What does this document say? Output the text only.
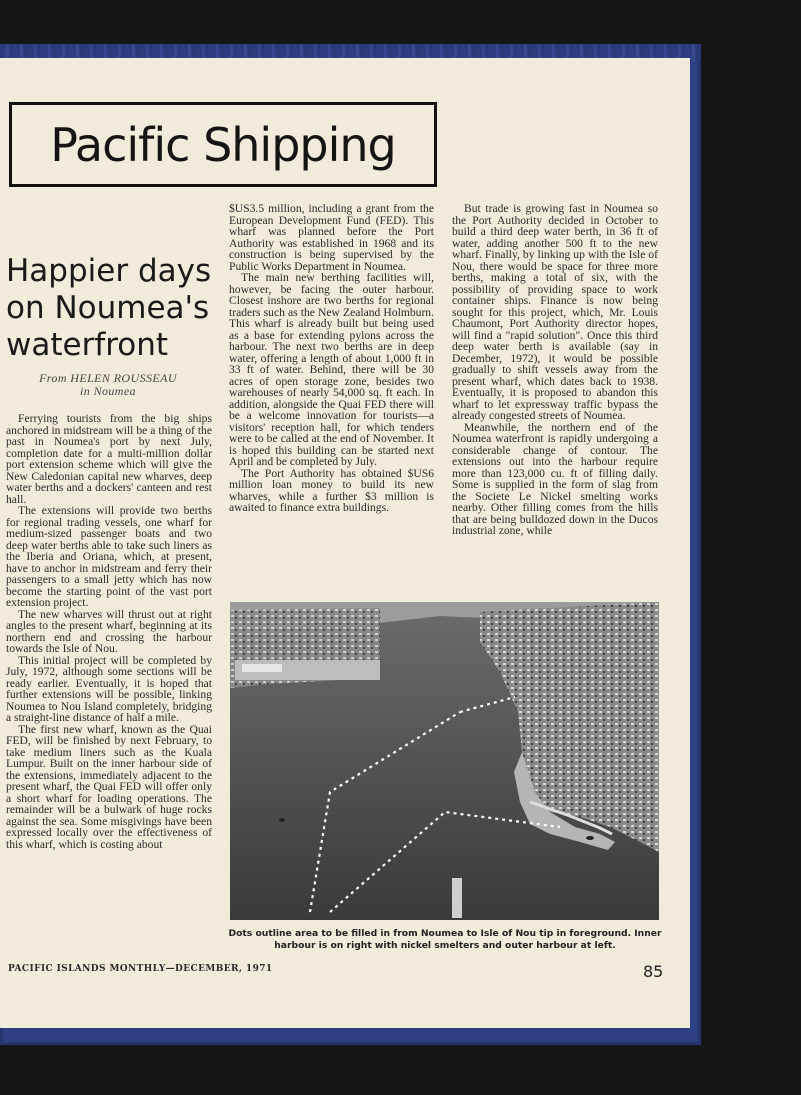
Pacific Shipping
Happier days on Noumea's waterfront
From HELEN ROUSSEAU
in Noumea

Ferrying tourists from the big ships anchored in midstream will be a thing of the past in Noumea's port by next July, completion date for a multi-million dollar port extension scheme which will give the New Caledonian capital new wharves, deep water berths and a dockers' canteen and rest hall.

The extensions will provide two berths for regional trading vessels, one wharf for medium-sized passenger boats and two deep water berths able to take such liners as the Iberia and Oriana, which, at present, have to anchor in midstream and ferry their passengers to a small jetty which has now become the starting point of the vast port extension project.

The new wharves will thrust out at right angles to the present wharf, beginning at its northern end and crossing the harbour towards the Isle of Nou.

This initial project will be completed by July, 1972, although some sections will be ready earlier. Eventually, it is hoped that further extensions will be possible, linking Noumea to Nou Island completely, bridging a straight-line distance of half a mile.

The first new wharf, known as the Quai FED, will be finished by next February, to take medium liners such as the Kuala Lumpur. Built on the inner harbour side of the extensions, immediately adjacent to the present wharf, the Quai FED will offer only a short wharf for loading operations. The remainder will be a bulwark of huge rocks against the sea. Some misgivings have been expressed locally over the effectiveness of this wharf, which is costing about

$US3.5 million, including a grant from the European Development Fund (FED). This wharf was planned before the Port Authority was established in 1968 and its construction is being supervised by the Public Works Department in Noumea.

The main new berthing facilities will, however, be facing the outer harbour. Closest inshore are two berths for regional traders such as the New Zealand Holmburn. This wharf is already built but being used as a base for extending pylons across the harbour. The next two berths are in deep water, offering a length of about 1,000 ft in 33 ft of water. Behind, there will be 30 acres of open storage zone, besides two warehouses of nearly 54,000 sq. ft each. In addition, alongside the Quai FED there will be a welcome innovation for tourists—a visitors' reception hall, for which tenders were to be called at the end of November. It is hoped this building can be started next April and be completed by July.

The Port Authority has obtained $US6 million loan money to build its new wharves, while a further $3 million is awaited to finance extra buildings.

But trade is growing fast in Noumea so the Port Authority decided in October to build a third deep water berth, in 36 ft of water, adding another 500 ft to the new wharf. Finally, by linking up with the Isle of Nou, there would be space for three more berths, making a total of six, with the possibility of providing space to work container ships. Finance is now being sought for this project, which, Mr. Louis Chaumont, Port Authority director hopes, will find a "rapid solution". Once this third deep water berth is available (say in December, 1972), it would be possible gradually to shift vessels away from the present wharf, which dates back to 1938. Eventually, it is proposed to abandon this wharf to let expressway traffic bypass the already congested streets of Noumea.

Meanwhile, the northern end of the Noumea waterfront is rapidly undergoing a considerable change of contour. The extensions out into the harbour require more than 123,000 cu. ft of filling daily. Some is supplied in the form of slag from the Societe Le Nickel smelting works nearby. Other filling comes from the hills that are being bulldozed down in the Ducos industrial zone, while

Dots outline area to be filled in from Noumea to Isle of Nou tip in foreground. Inner harbour is on right with nickel smelters and outer harbour at left.
PACIFIC ISLANDS MONTHLY—DECEMBER, 1971	85
